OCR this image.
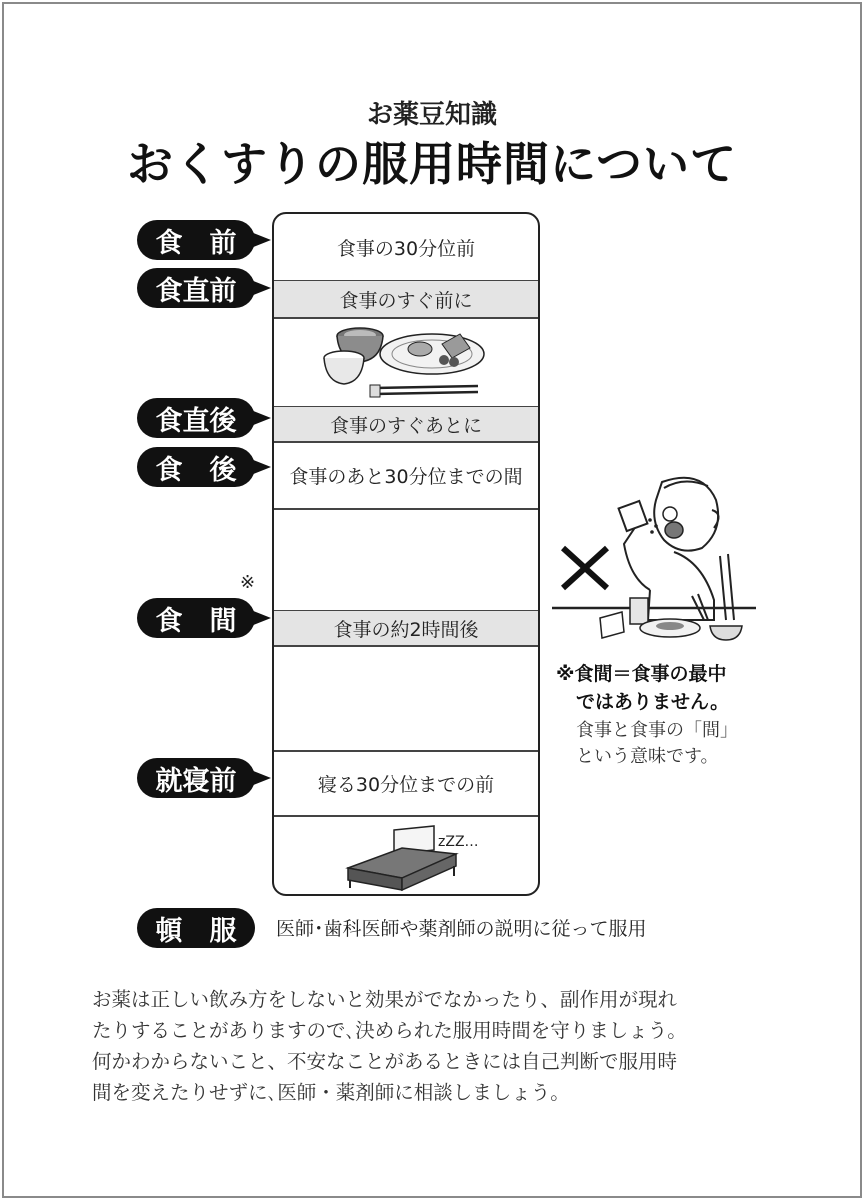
お薬豆知識
おくすりの服用時間について
食事の30分位前
食事のすぐ前に
食事のすぐあとに
食事のあと30分位までの間
食事の約2時間後
寝る30分位までの前
zZZ…
食　前
食直前
食直後
食　後
※
食　間
就寝前
頓　服 医師･歯科医師や薬剤師の説明に従って服用
※食間＝食事の最中
ではありません。
食事と食事の「間」
という意味です。
お薬は正しい飲み方をしないと効果がでなかったり、副作用が現れ
たりすることがありますので､決められた服用時間を守りましょう。
何かわからないこと、不安なことがあるときには自己判断で服用時
間を変えたりせずに､医師・薬剤師に相談しましょう。
